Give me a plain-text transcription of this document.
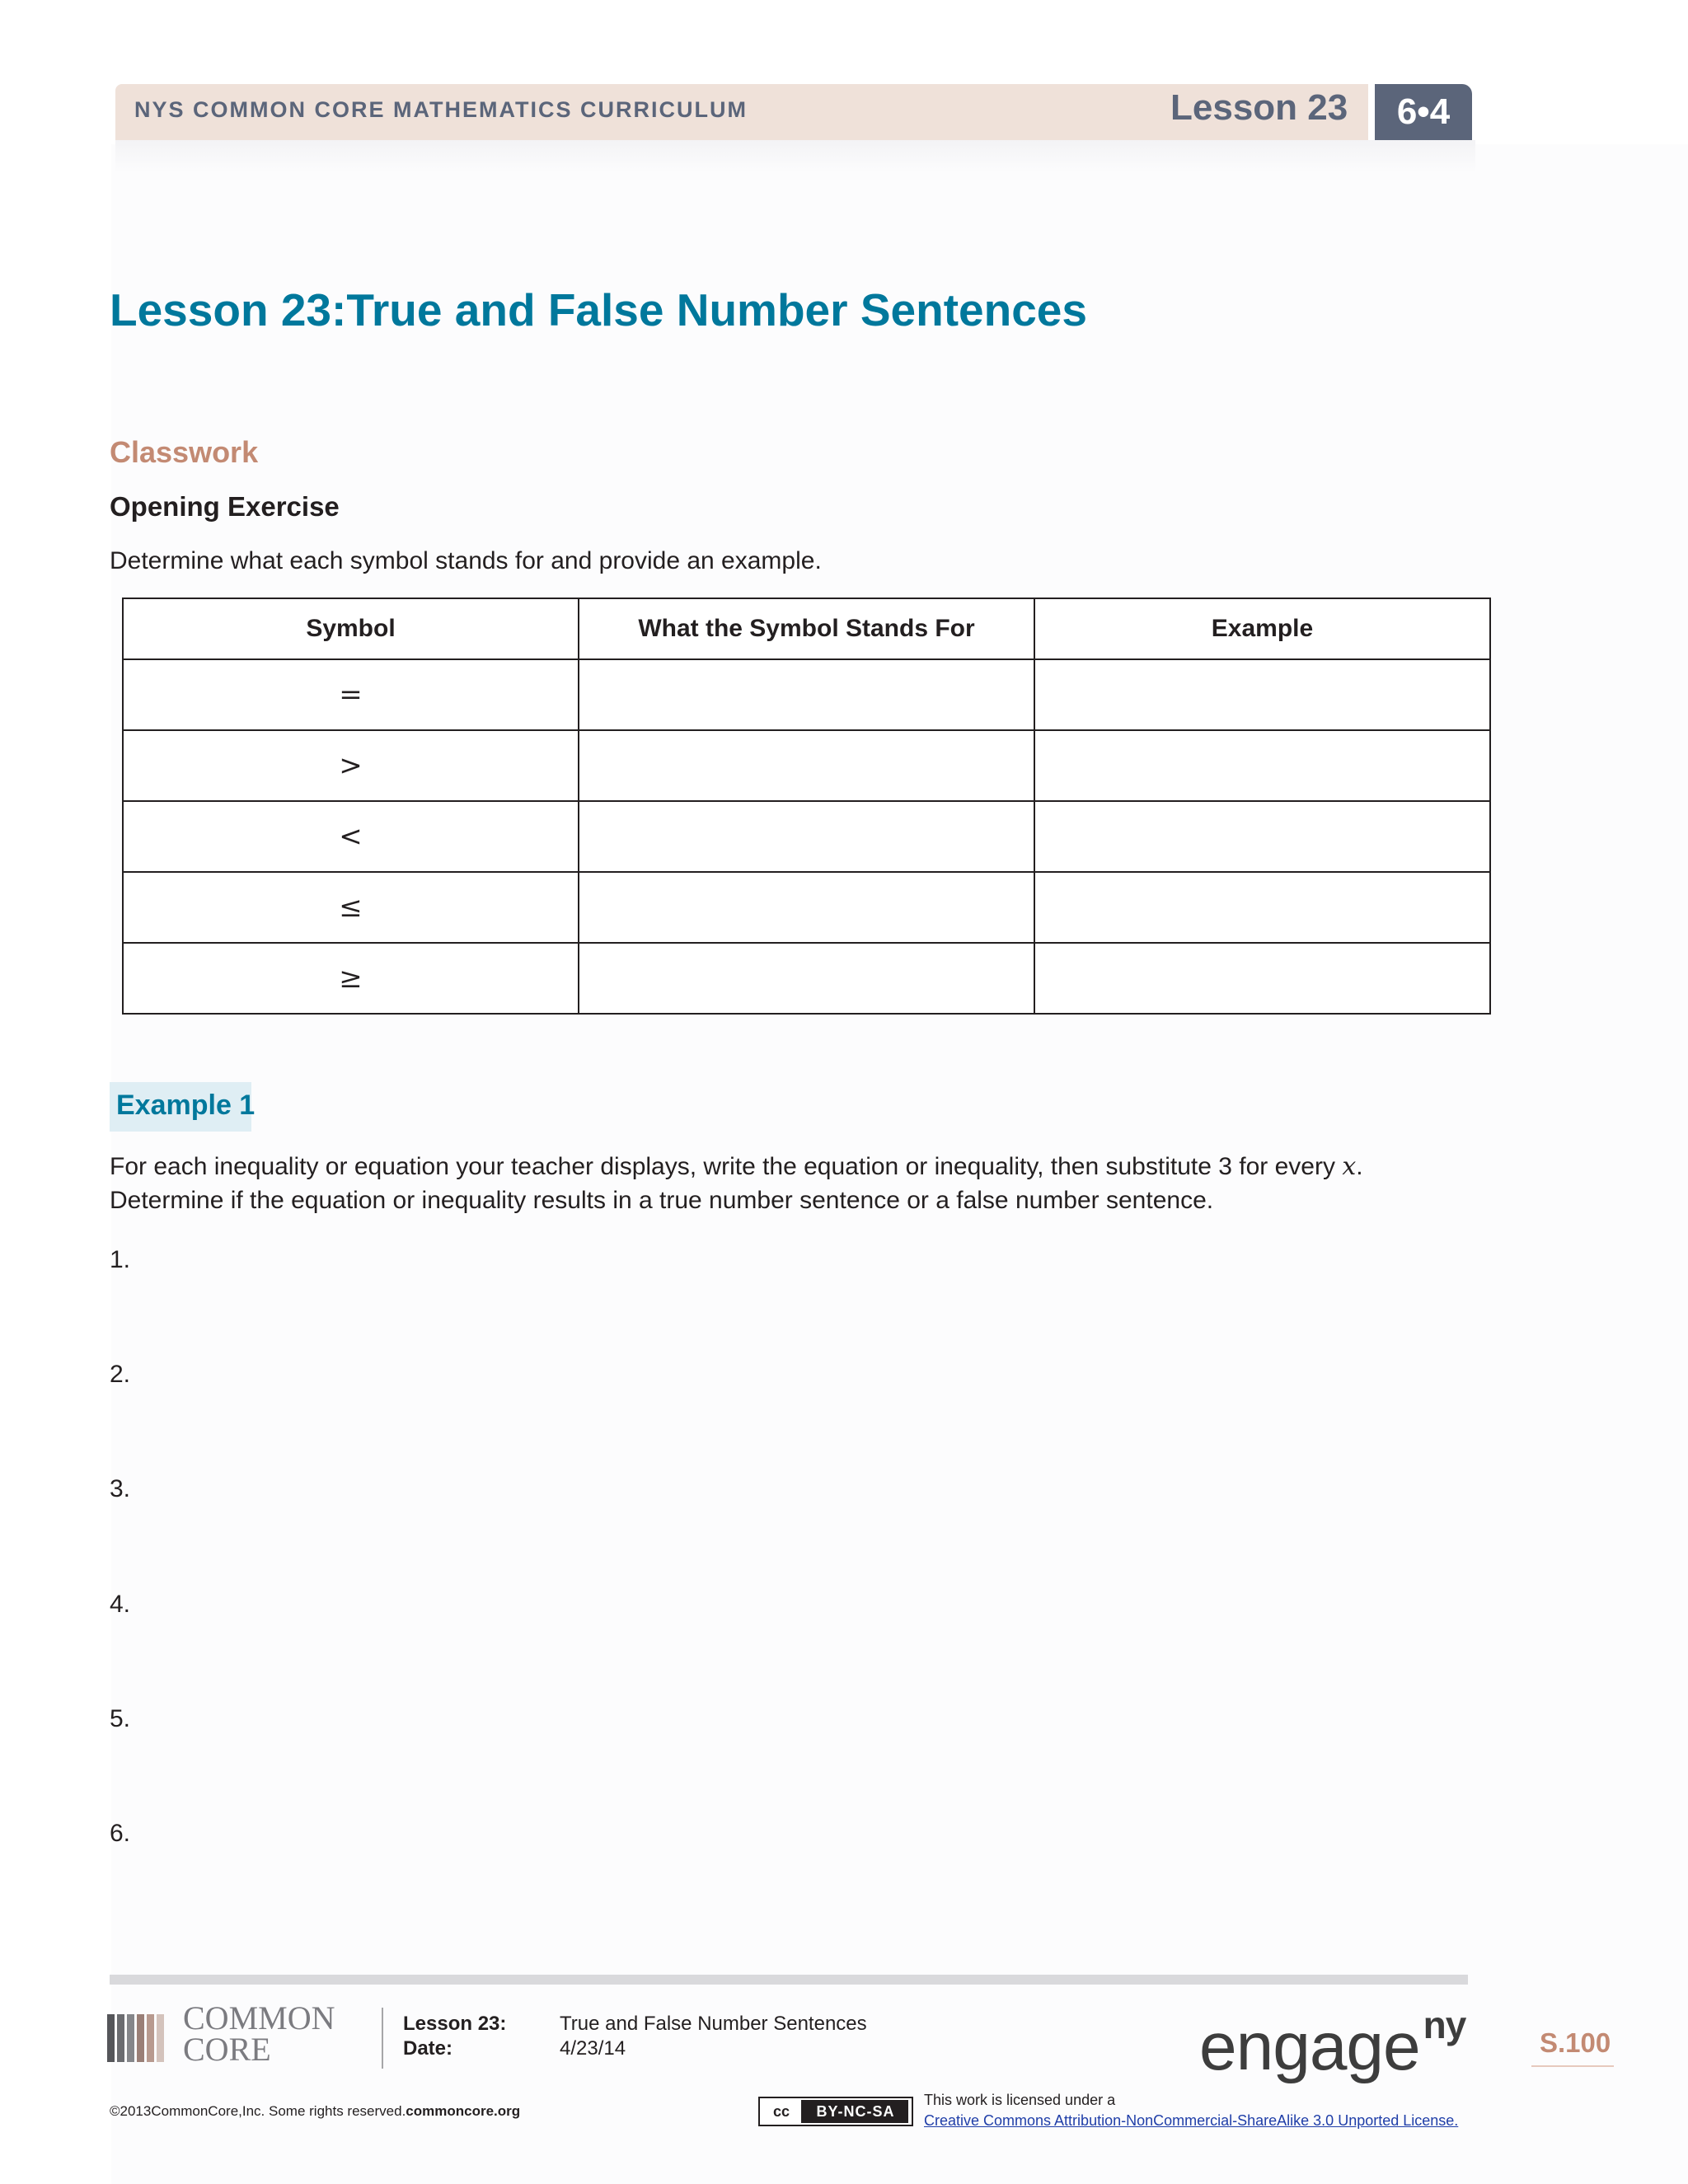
NYS COMMON CORE MATHEMATICS CURRICULUM	Lesson 23	6•4
Lesson 23:True and False Number Sentences
Classwork
Opening Exercise
Determine what each symbol stands for and provide an example.
Symbol	What the Symbol Stands For	Example
=		
>		
<		
≤		
≥		
Example 1
For each inequality or equation your teacher displays, write the equation or inequality, then substitute 3 for every x.
Determine if the equation or inequality results in a true number sentence or a false number sentence.
1.
2.
3.
4.
5.
6.
COMMON
CORE
Lesson 23:	True and False Number Sentences
Date:	4/23/14	engage$^{ny}$	S.100
©2013CommonCore,Inc. Some rights reserved.commoncore.org	cc	BY-NC-SA
This work is licensed under a
Creative Commons Attribution-NonCommercial-ShareAlike 3.0 Unported License.
